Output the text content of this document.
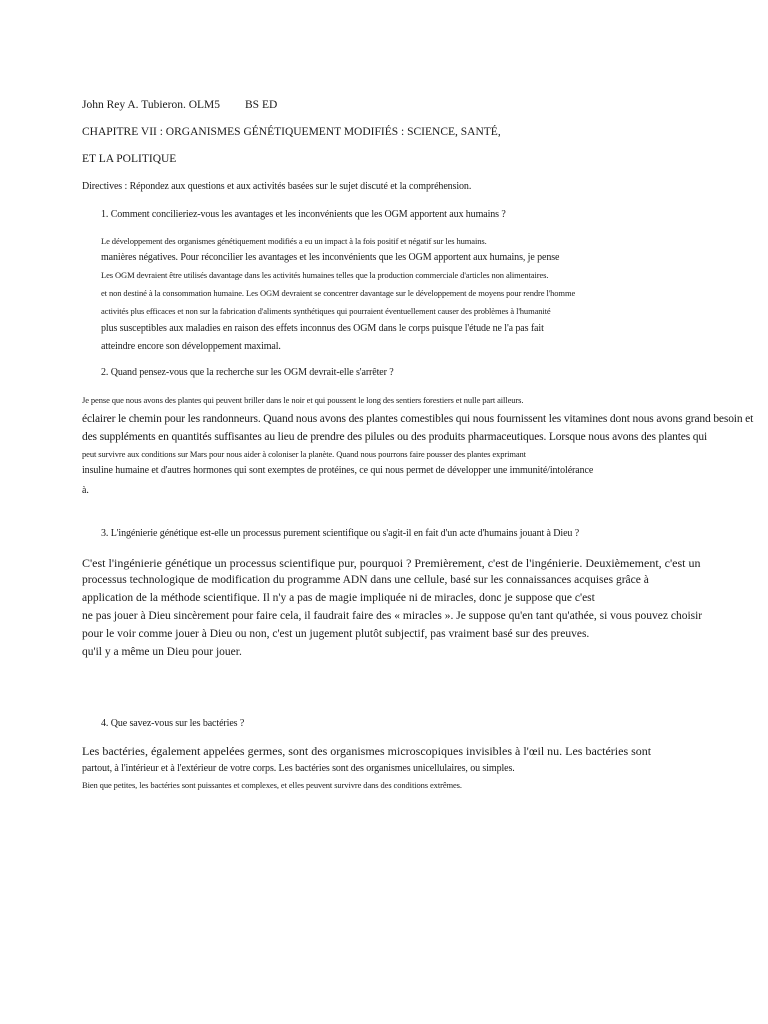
John Rey A. Tubieron. OLM5 BS ED
CHAPITRE VII : ORGANISMES GÉNÉTIQUEMENT MODIFIÉS : SCIENCE, SANTÉ,
ET LA POLITIQUE
Directives : Répondez aux questions et aux activités basées sur le sujet discuté et la compréhension.
1. Comment concilieriez-vous les avantages et les inconvénients que les OGM apportent aux humains ?
Le développement des organismes génétiquement modifiés a eu un impact à la fois positif et négatif sur les humains.
manières négatives. Pour réconcilier les avantages et les inconvénients que les OGM apportent aux humains, je pense
Les OGM devraient être utilisés davantage dans les activités humaines telles que la production commerciale d'articles non alimentaires.
et non destiné à la consommation humaine. Les OGM devraient se concentrer davantage sur le développement de moyens pour rendre l'homme
activités plus efficaces et non sur la fabrication d'aliments synthétiques qui pourraient éventuellement causer des problèmes à l'humanité
plus susceptibles aux maladies en raison des effets inconnus des OGM dans le corps puisque l'étude ne l'a pas fait
atteindre encore son développement maximal.
2. Quand pensez-vous que la recherche sur les OGM devrait-elle s'arrêter ?
Je pense que nous avons des plantes qui peuvent briller dans le noir et qui poussent le long des sentiers forestiers et nulle part ailleurs.
éclairer le chemin pour les randonneurs. Quand nous avons des plantes comestibles qui nous fournissent les vitamines dont nous avons grand besoin et
des suppléments en quantités suffisantes au lieu de prendre des pilules ou des produits pharmaceutiques. Lorsque nous avons des plantes qui
peut survivre aux conditions sur Mars pour nous aider à coloniser la planète. Quand nous pourrons faire pousser des plantes exprimant
insuline humaine et d'autres hormones qui sont exemptes de protéines, ce qui nous permet de développer une immunité/intolérance
à.
3. L'ingénierie génétique est-elle un processus purement scientifique ou s'agit-il en fait d'un acte d'humains jouant à Dieu ?
C'est l'ingénierie génétique un processus scientifique pur, pourquoi ? Premièrement, c'est de l'ingénierie. Deuxièmement, c'est un
processus technologique de modification du programme ADN dans une cellule, basé sur les connaissances acquises grâce à
application de la méthode scientifique. Il n'y a pas de magie impliquée ni de miracles, donc je suppose que c'est
ne pas jouer à Dieu sincèrement pour faire cela, il faudrait faire des « miracles ». Je suppose qu'en tant qu'athée, si vous pouvez choisir
pour le voir comme jouer à Dieu ou non, c'est un jugement plutôt subjectif, pas vraiment basé sur des preuves.
qu'il y a même un Dieu pour jouer.
4. Que savez-vous sur les bactéries ?
Les bactéries, également appelées germes, sont des organismes microscopiques invisibles à l'œil nu. Les bactéries sont
partout, à l'intérieur et à l'extérieur de votre corps. Les bactéries sont des organismes unicellulaires, ou simples.
Bien que petites, les bactéries sont puissantes et complexes, et elles peuvent survivre dans des conditions extrêmes.
